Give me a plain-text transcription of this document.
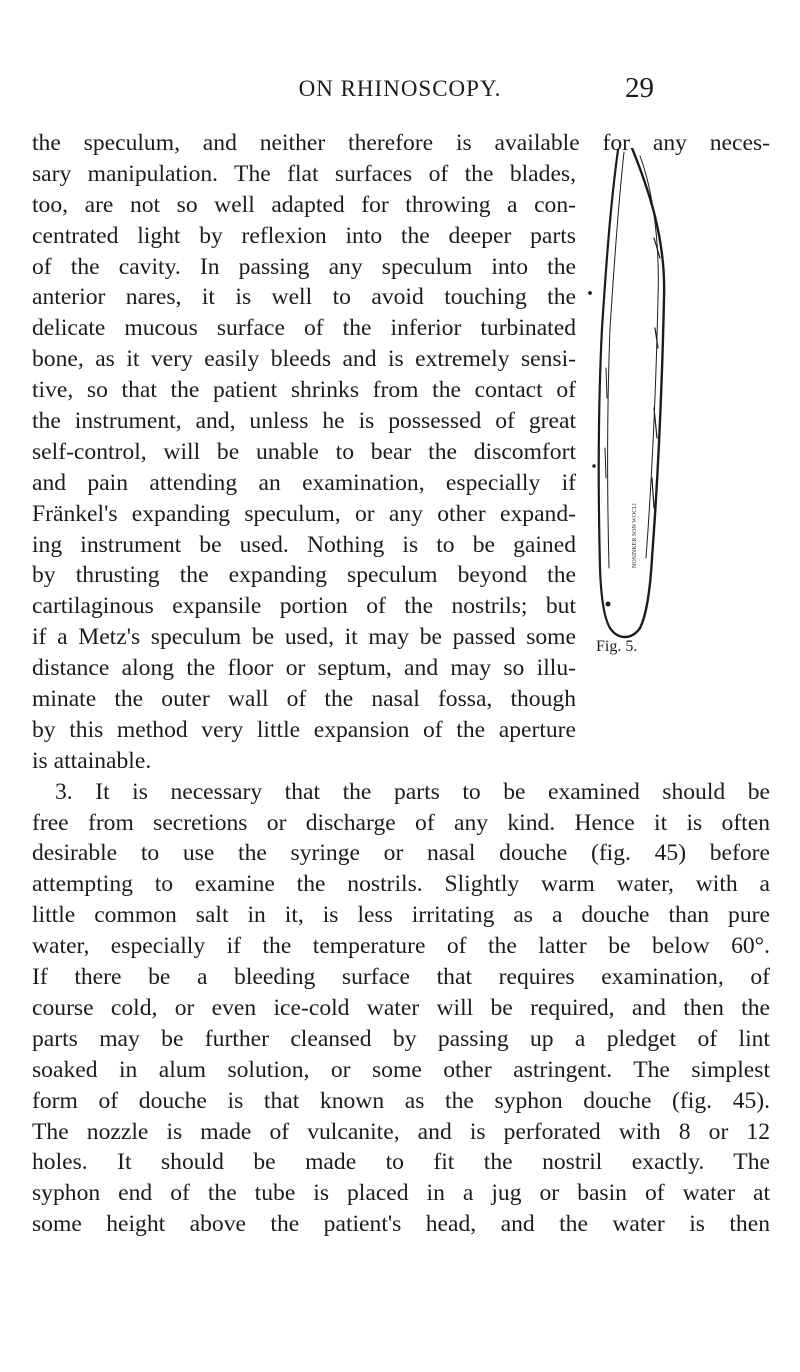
ON RHINOSCOPY.	29
NOSINKER SON WOCLI
Fig. 5.
the speculum, and neither therefore is available for any neces-
sary manipulation. The flat surfaces of the blades,
too, are not so well adapted for throwing a con-
centrated light by reflexion into the deeper parts
of the cavity. In passing any speculum into the
anterior nares, it is well to avoid touching the
delicate mucous surface of the inferior turbinated
bone, as it very easily bleeds and is extremely sensi-
tive, so that the patient shrinks from the contact of
the instrument, and, unless he is possessed of great
self-control, will be unable to bear the discomfort
and pain attending an examination, especially if
Fränkel's expanding speculum, or any other expand-
ing instrument be used. Nothing is to be gained
by thrusting the expanding speculum beyond the
cartilaginous expansile portion of the nostrils; but
if a Metz's speculum be used, it may be passed some
distance along the floor or septum, and may so illu-
minate the outer wall of the nasal fossa, though
by this method very little expansion of the aperture
is attainable.
3. It is necessary that the parts to be examined should be
free from secretions or discharge of any kind. Hence it is often
desirable to use the syringe or nasal douche (fig. 45) before
attempting to examine the nostrils. Slightly warm water, with a
little common salt in it, is less irritating as a douche than pure
water, especially if the temperature of the latter be below 60°.
If there be a bleeding surface that requires examination, of
course cold, or even ice-cold water will be required, and then the
parts may be further cleansed by passing up a pledget of lint
soaked in alum solution, or some other astringent. The simplest
form of douche is that known as the syphon douche (fig. 45).
The nozzle is made of vulcanite, and is perforated with 8 or 12
holes. It should be made to fit the nostril exactly. The
syphon end of the tube is placed in a jug or basin of water at
some height above the patient's head, and the water is then
